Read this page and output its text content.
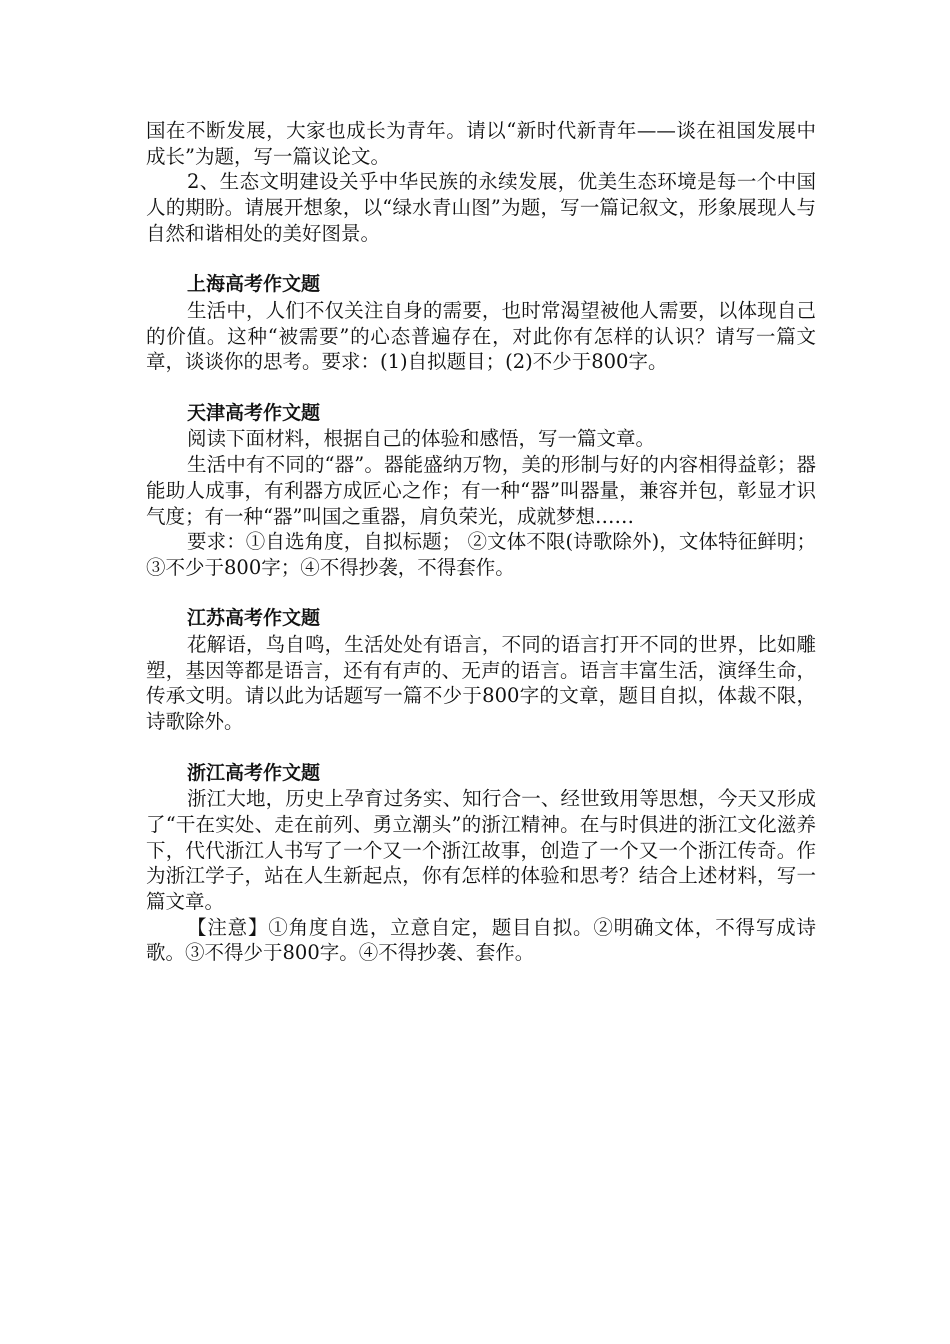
国在不断发展，大家也成长为青年。请以“新时代新青年——谈在祖国发展中成长”为题，写一篇议论文。

2、生态文明建设关乎中华民族的永续发展，优美生态环境是每一个中国人的期盼。请展开想象，以“绿水青山图”为题，写一篇记叙文，形象展现人与自然和谐相处的美好图景。

上海高考作文题

生活中，人们不仅关注自身的需要，也时常渴望被他人需要，以体现自己的价值。这种“被需要”的心态普遍存在，对此你有怎样的认识？请写一篇文章，谈谈你的思考。要求：(1)自拟题目；(2)不少于800字。

天津高考作文题

阅读下面材料，根据自己的体验和感悟，写一篇文章。

生活中有不同的“器”。器能盛纳万物，美的形制与好的内容相得益彰；器能助人成事，有利器方成匠心之作；有一种“器”叫器量，兼容并包，彰显才识气度；有一种“器”叫国之重器，肩负荣光，成就梦想……

要求：①自选角度，自拟标题； ②文体不限(诗歌除外)，文体特征鲜明； ③不少于800字；④不得抄袭，不得套作。

江苏高考作文题

花解语，鸟自鸣，生活处处有语言，不同的语言打开不同的世界，比如雕塑，基因等都是语言，还有有声的、无声的语言。语言丰富生活，演绎生命，传承文明。请以此为话题写一篇不少于800字的文章，题目自拟，体裁不限，诗歌除外。

浙江高考作文题

浙江大地，历史上孕育过务实、知行合一、经世致用等思想，今天又形成了“干在实处、走在前列、勇立潮头”的浙江精神。在与时俱进的浙江文化滋养下，代代浙江人书写了一个又一个浙江故事，创造了一个又一个浙江传奇。作为浙江学子，站在人生新起点，你有怎样的体验和思考？结合上述材料，写一篇文章。

【注意】①角度自选，立意自定，题目自拟。②明确文体，不得写成诗歌。③不得少于800字。④不得抄袭、套作。
